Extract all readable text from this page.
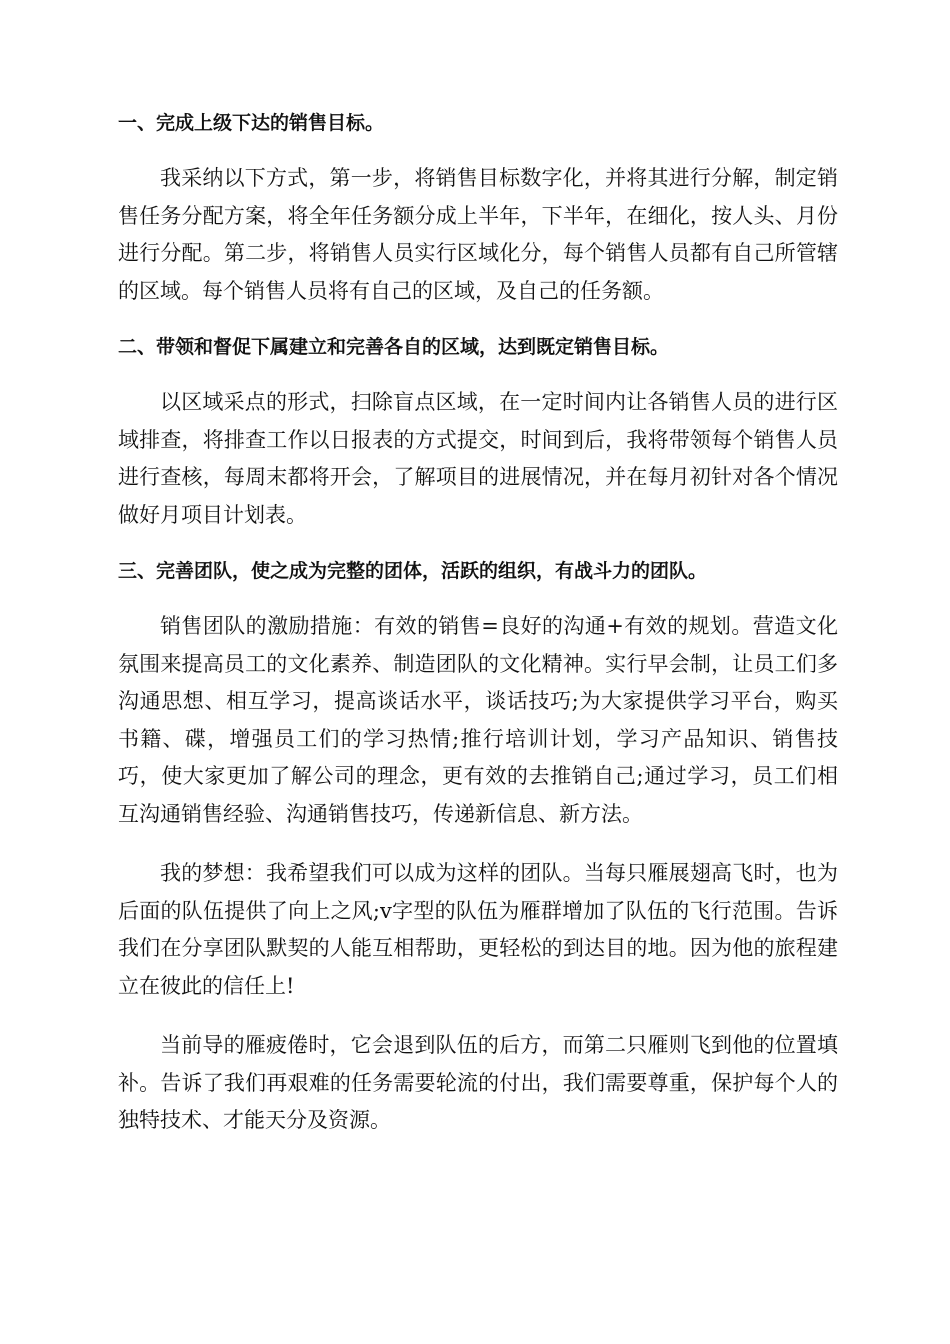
一、完成上级下达的销售目标。

我采纳以下方式，第一步，将销售目标数字化，并将其进行分解，制定销售任务分配方案，将全年任务额分成上半年，下半年，在细化，按人头、月份进行分配。第二步，将销售人员实行区域化分，每个销售人员都有自己所管辖的区域。每个销售人员将有自己的区域，及自己的任务额。

二、带领和督促下属建立和完善各自的区域，达到既定销售目标。

以区域采点的形式，扫除盲点区域，在一定时间内让各销售人员的进行区域排查，将排查工作以日报表的方式提交，时间到后，我将带领每个销售人员进行查核，每周末都将开会，了解项目的进展情况，并在每月初针对各个情况做好月项目计划表。

三、完善团队，使之成为完整的团体，活跃的组织，有战斗力的团队。

销售团队的激励措施：有效的销售=良好的沟通+有效的规划。营造文化氛围来提高员工的文化素养、制造团队的文化精神。实行早会制，让员工们多沟通思想、相互学习，提高谈话水平，谈话技巧;为大家提供学习平台，购买书籍、碟，增强员工们的学习热情;推行培训计划，学习产品知识、销售技巧，使大家更加了解公司的理念，更有效的去推销自己;通过学习，员工们相互沟通销售经验、沟通销售技巧，传递新信息、新方法。

我的梦想：我希望我们可以成为这样的团队。当每只雁展翅高飞时，也为后面的队伍提供了向上之风;v字型的队伍为雁群增加了队伍的飞行范围。告诉我们在分享团队默契的人能互相帮助，更轻松的到达目的地。因为他的旅程建立在彼此的信任上!

当前导的雁疲倦时，它会退到队伍的后方，而第二只雁则飞到他的位置填补。告诉了我们再艰难的任务需要轮流的付出，我们需要尊重，保护每个人的独特技术、才能天分及资源。
